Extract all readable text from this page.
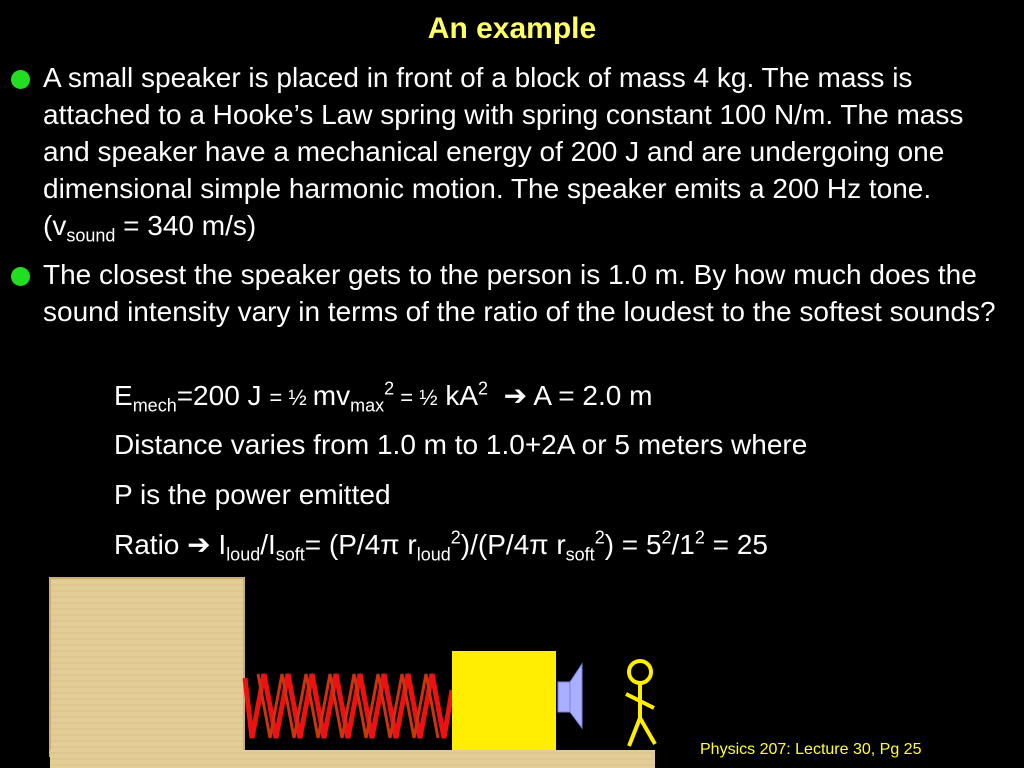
An example
A small speaker is placed in front of a block of mass 4 kg. The mass is attached to a Hooke’s Law spring with spring constant 100 N/m. The mass and speaker have a mechanical energy of 200 J and are undergoing one dimensional simple harmonic motion. The speaker emits a 200 Hz tone. ($v_{sound} = 340$ m/s)
The closest the speaker gets to the person is 1.0 m. By how much does the sound intensity vary in terms of the ratio of the loudest to the softest sounds?
$E_{mech}=200$ J = ½ $mv_{max}^2$ = ½ $kA^2$ ➔ A = 2.0 m
Distance varies from 1.0 m to 1.0+2A or 5 meters where
P is the power emitted
Ratio ➔ $I_{loud}/I_{soft}= (P/4\pi$ $r_{loud}^2)/(P/4\pi$ $r_{soft}^2) = 5^2/1^2 = 25$
Physics 207: Lecture 30, Pg 25
